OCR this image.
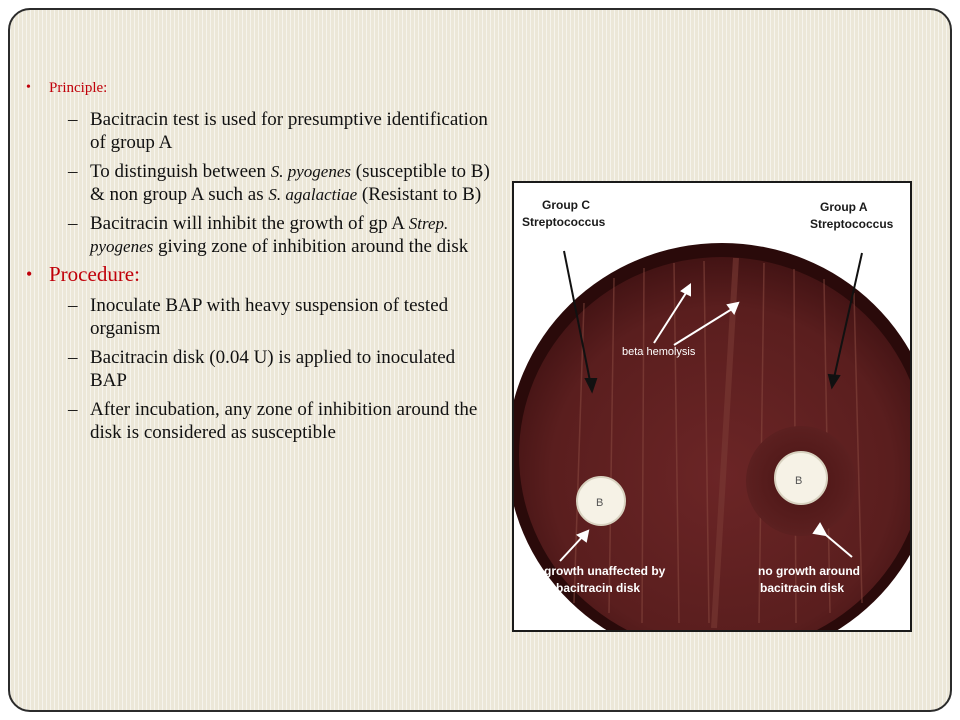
• Principle:
– Bacitracin test is used for presumptive identification of group A
– To distinguish between S. pyogenes (susceptible to B) & non group A such as S. agalactiae (Resistant to B)
– Bacitracin will inhibit the growth of gp A Strep. pyogenes giving zone of inhibition around the disk
• Procedure:
– Inoculate BAP with heavy suspension of tested organism
– Bacitracin disk (0.04 U) is applied to inoculated BAP
– After incubation, any zone of inhibition around the disk is considered as susceptible
Group C
Streptococcus
Group A
Streptococcus
beta hemolysis
growth unaffected by
bacitracin disk
no growth around
bacitracin disk
B
B
